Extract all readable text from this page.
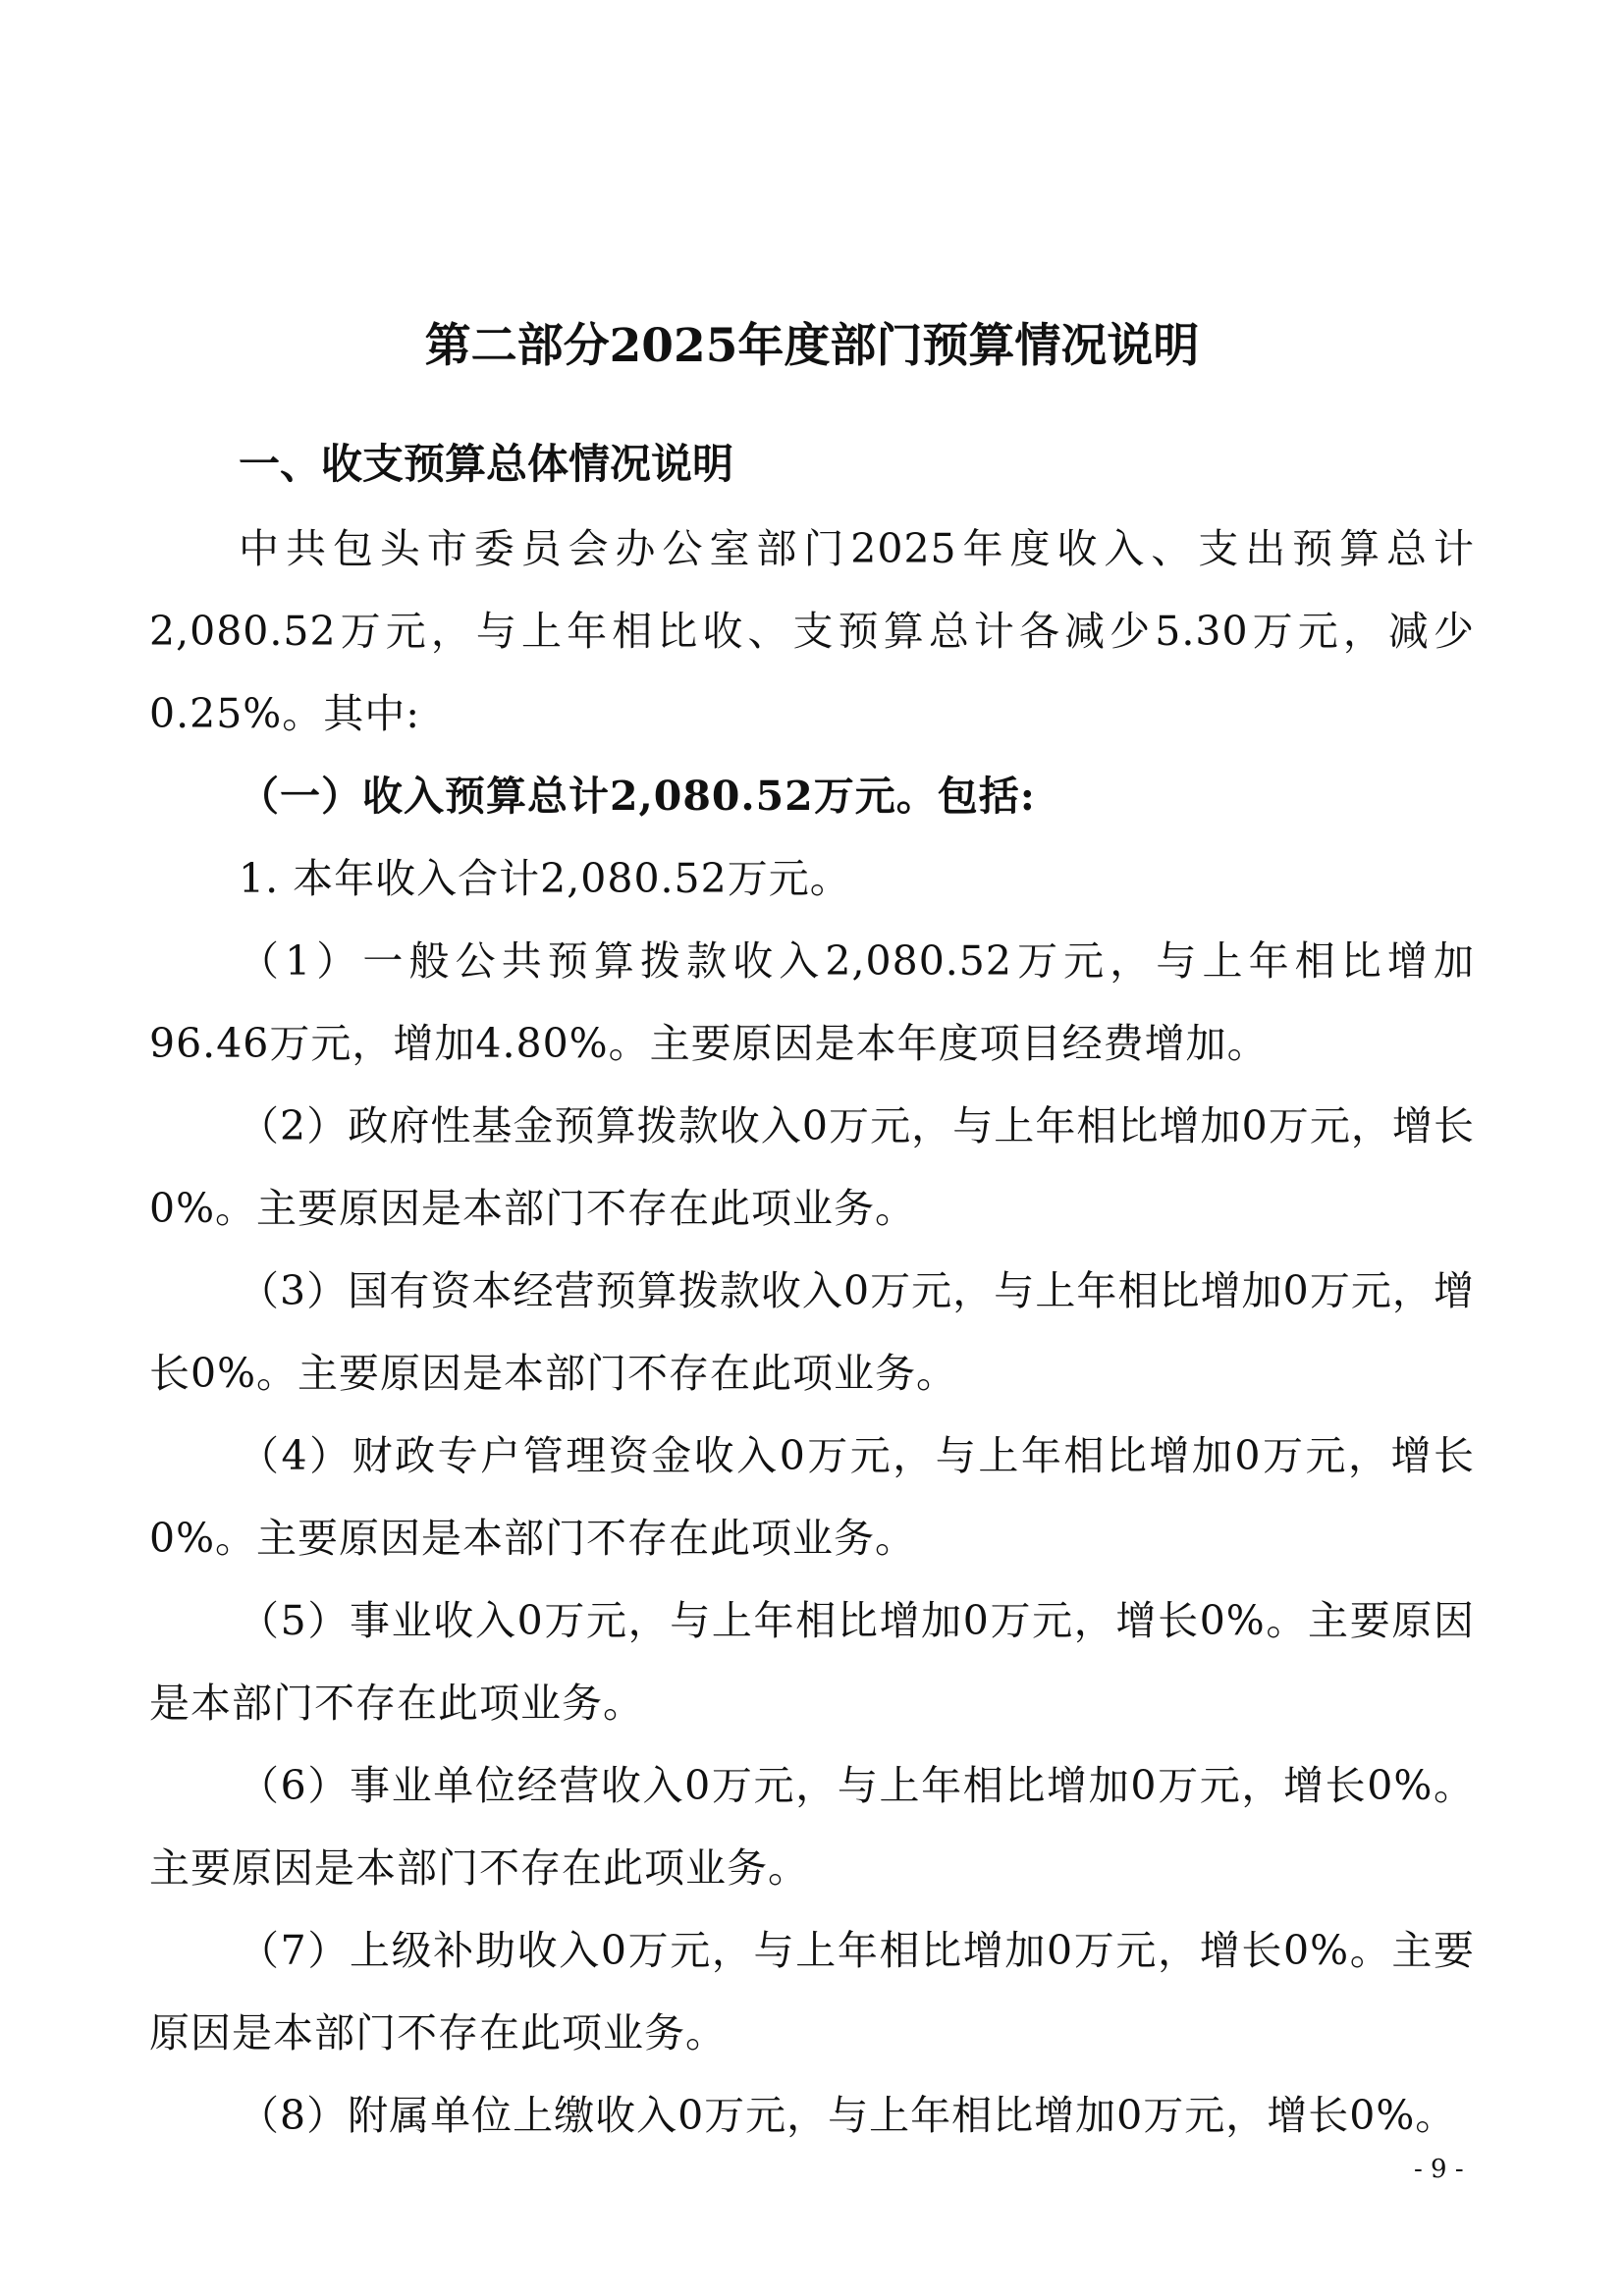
第二部分2025年度部门预算情况说明
一、收支预算总体情况说明
中共包头市委员会办公室部门2025年度收入、支出预算总计2,080.52万元，与上年相比收、支预算总计各减少5.30万元，减少0.25%。其中:
（一）收入预算总计2,080.52万元。包括:
1. 本年收入合计2,080.52万元。
（1）一般公共预算拨款收入2,080.52万元，与上年相比增加96.46万元，增加4.80%。主要原因是本年度项目经费增加。
（2）政府性基金预算拨款收入0万元，与上年相比增加0万元，增长0%。主要原因是本部门不存在此项业务。
（3）国有资本经营预算拨款收入0万元，与上年相比增加0万元，增长0%。主要原因是本部门不存在此项业务。
（4）财政专户管理资金收入0万元，与上年相比增加0万元，增长0%。主要原因是本部门不存在此项业务。
（5）事业收入0万元，与上年相比增加0万元，增长0%。主要原因是本部门不存在此项业务。
（6）事业单位经营收入0万元，与上年相比增加0万元，增长0%。主要原因是本部门不存在此项业务。
（7）上级补助收入0万元，与上年相比增加0万元，增长0%。主要原因是本部门不存在此项业务。
（8）附属单位上缴收入0万元，与上年相比增加0万元，增长0%。
- 9 -
